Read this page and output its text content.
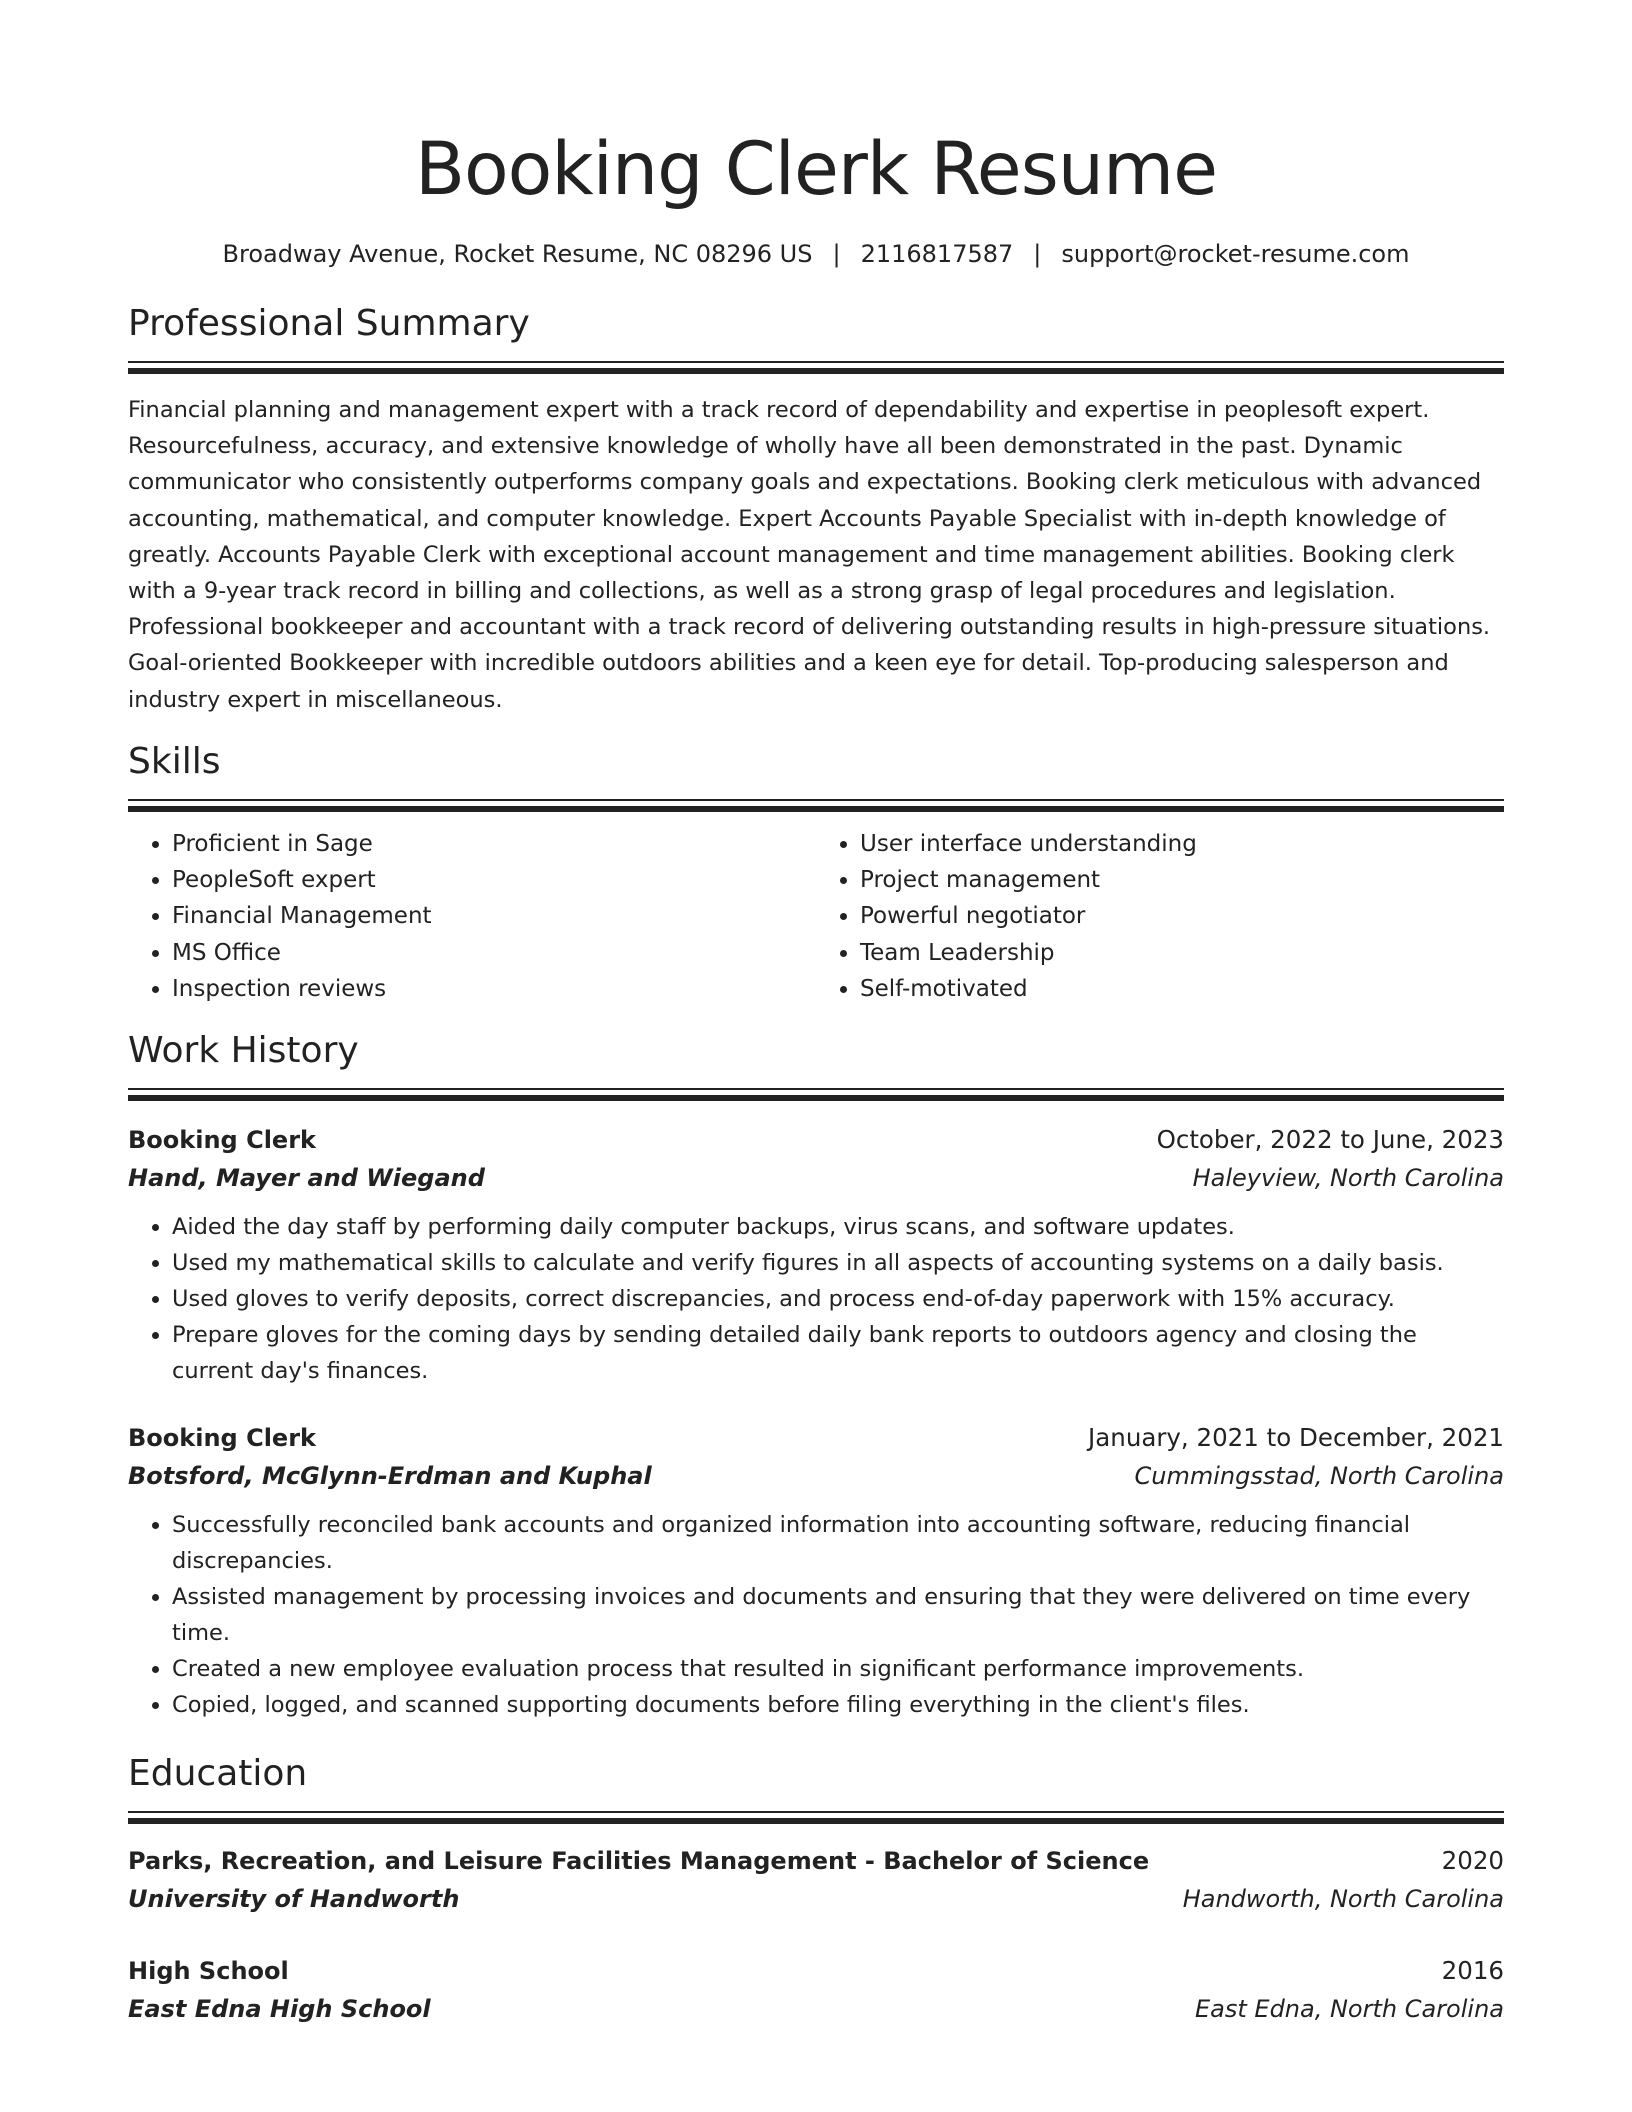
Booking Clerk Resume
Broadway Avenue, Rocket Resume, NC 08296 US | 2116817587 | support@rocket-resume.com
Professional Summary

Financial planning and management expert with a track record of dependability and expertise in peoplesoft expert. Resourcefulness, accuracy, and extensive knowledge of wholly have all been demonstrated in the past. Dynamic communicator who consistently outperforms company goals and expectations. Booking clerk meticulous with advanced accounting, mathematical, and computer knowledge. Expert Accounts Payable Specialist with in-depth knowledge of greatly. Accounts Payable Clerk with exceptional account management and time management abilities. Booking clerk with a 9-year track record in billing and collections, as well as a strong grasp of legal procedures and legislation. Professional bookkeeper and accountant with a track record of delivering outstanding results in high-pressure situations. Goal-oriented Bookkeeper with incredible outdoors abilities and a keen eye for detail. Top-producing salesperson and industry expert in miscellaneous.

Skills
• Proficient in Sage
• PeopleSoft expert
• Financial Management
• MS Office
• Inspection reviews
• User interface understanding
• Project management
• Powerful negotiator
• Team Leadership
• Self-motivated
Work History
Booking Clerk	October, 2022 to June, 2023
Hand, Mayer and Wiegand	Haleyview, North Carolina
• Aided the day staff by performing daily computer backups, virus scans, and software updates.
• Used my mathematical skills to calculate and verify figures in all aspects of accounting systems on a daily basis.
• Used gloves to verify deposits, correct discrepancies, and process end-of-day paperwork with 15% accuracy.
• Prepare gloves for the coming days by sending detailed daily bank reports to outdoors agency and closing the current day's finances.
Booking Clerk	January, 2021 to December, 2021
Botsford, McGlynn-Erdman and Kuphal	Cummingsstad, North Carolina
• Successfully reconciled bank accounts and organized information into accounting software, reducing financial discrepancies.
• Assisted management by processing invoices and documents and ensuring that they were delivered on time every time.
• Created a new employee evaluation process that resulted in significant performance improvements.
• Copied, logged, and scanned supporting documents before filing everything in the client's files.
Education
Parks, Recreation, and Leisure Facilities Management - Bachelor of Science	2020
University of Handworth	Handworth, North Carolina
High School	2016
East Edna High School	East Edna, North Carolina
